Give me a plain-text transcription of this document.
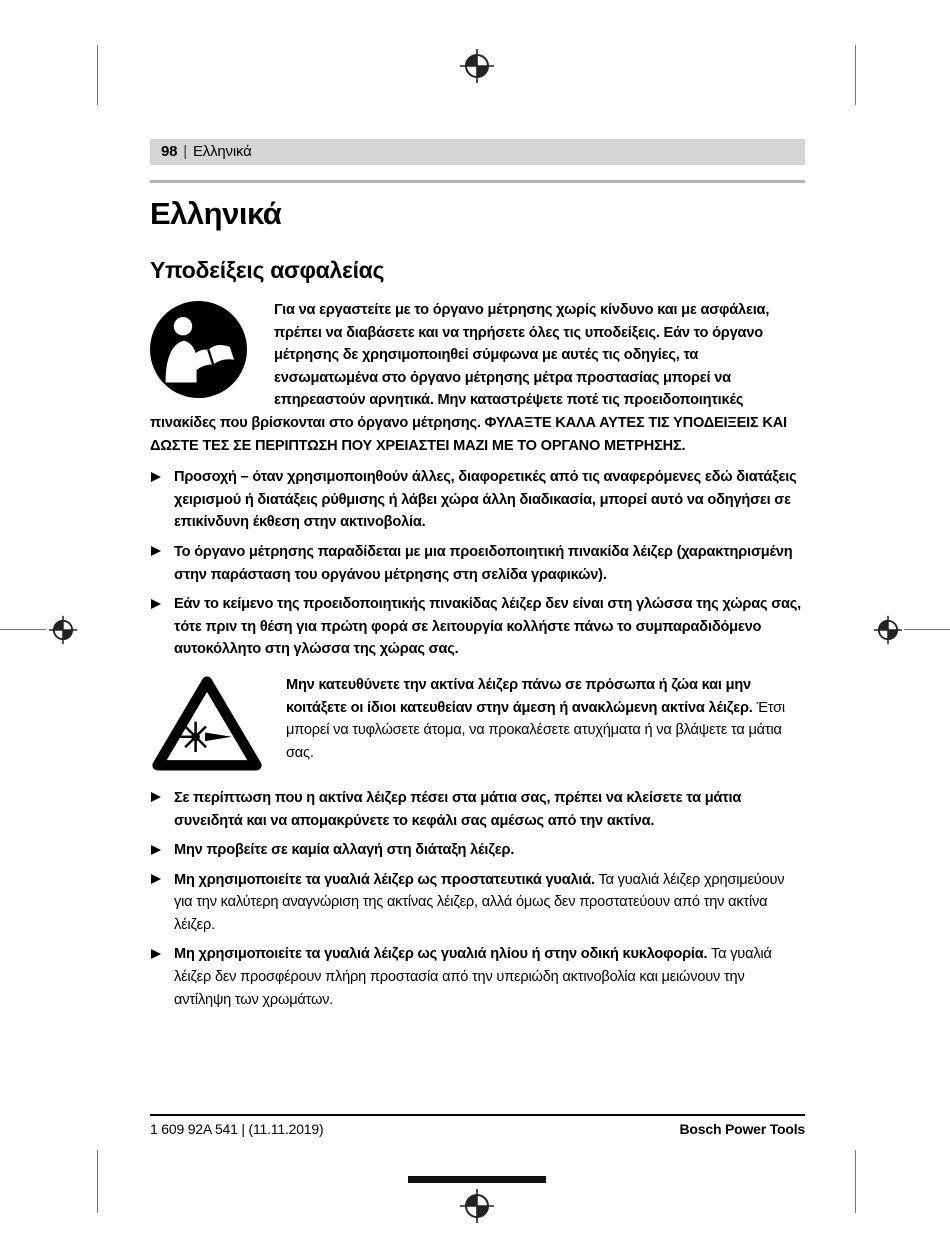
98 | Ελληνικά
Ελληνικά
Υποδείξεις ασφαλείας
Για να εργαστείτε με το όργανο μέτρησης χωρίς κίνδυνο και με ασφάλεια, πρέπει να διαβάσετε και να τηρήσετε όλες τις υποδείξεις. Εάν το όργανο μέτρησης δε χρησιμοποιηθεί σύμφωνα με αυτές τις οδηγίες, τα ενσωματωμένα στο όργανο μέτρησης μέτρα προστασίας μπορεί να επηρεαστούν αρνητικά. Μην καταστρέψετε ποτέ τις προειδοποιητικές πινακίδες που βρίσκονται στο όργανο μέτρησης. ΦΥΛΑΞΤΕ ΚΑΛΑ ΑΥΤΕΣ ΤΙΣ ΥΠΟΔΕΙΞΕΙΣ ΚΑΙ ΔΩΣΤΕ ΤΕΣ ΣΕ ΠΕΡΙΠΤΩΣΗ ΠΟΥ ΧΡΕΙΑΣΤΕΙ ΜΑΖΙ ΜΕ ΤΟ ΟΡΓΑΝΟ ΜΕΤΡΗΣΗΣ.
Προσοχή – όταν χρησιμοποιηθούν άλλες, διαφορετικές από τις αναφερόμενες εδώ διατάξεις χειρισμού ή διατάξεις ρύθμισης ή λάβει χώρα άλλη διαδικασία, μπορεί αυτό να οδηγήσει σε επικίνδυνη έκθεση στην ακτινοβολία.
Το όργανο μέτρησης παραδίδεται με μια προειδοποιητική πινακίδα λέιζερ (χαρακτηρισμένη στην παράσταση του οργάνου μέτρησης στη σελίδα γραφικών).
Εάν το κείμενο της προειδοποιητικής πινακίδας λέιζερ δεν είναι στη γλώσσα της χώρας σας, τότε πριν τη θέση για πρώτη φορά σε λειτουργία κολλήστε πάνω το συμπαραδιδόμενο αυτοκόλλητο στη γλώσσα της χώρας σας.

Μην κατευθύνετε την ακτίνα λέιζερ πάνω σε πρόσωπα ή ζώα και μην κοιτάξετε οι ίδιοι κατευθείαν στην άμεση ή ανακλώμενη ακτίνα λέιζερ. Έτσι μπορεί να τυφλώσετε άτομα, να προκαλέσετε ατυχήματα ή να βλάψετε τα μάτια σας.

Σε περίπτωση που η ακτίνα λέιζερ πέσει στα μάτια σας, πρέπει να κλείσετε τα μάτια συνειδητά και να απομακρύνετε το κεφάλι σας αμέσως από την ακτίνα.
Μην προβείτε σε καμία αλλαγή στη διάταξη λέιζερ.
Μη χρησιμοποιείτε τα γυαλιά λέιζερ ως προστατευτικά γυαλιά. Τα γυαλιά λέιζερ χρησιμεύουν για την καλύτερη αναγνώριση της ακτίνας λέιζερ, αλλά όμως δεν προστατεύουν από την ακτίνα λέιζερ.
Μη χρησιμοποιείτε τα γυαλιά λέιζερ ως γυαλιά ηλίου ή στην οδική κυκλοφορία. Τα γυαλιά λέιζερ δεν προσφέρουν πλήρη προστασία από την υπεριώδη ακτινοβολία και μειώνουν την αντίληψη των χρωμάτων.
1 609 92A 541 | (11.11.2019)	Bosch Power Tools
